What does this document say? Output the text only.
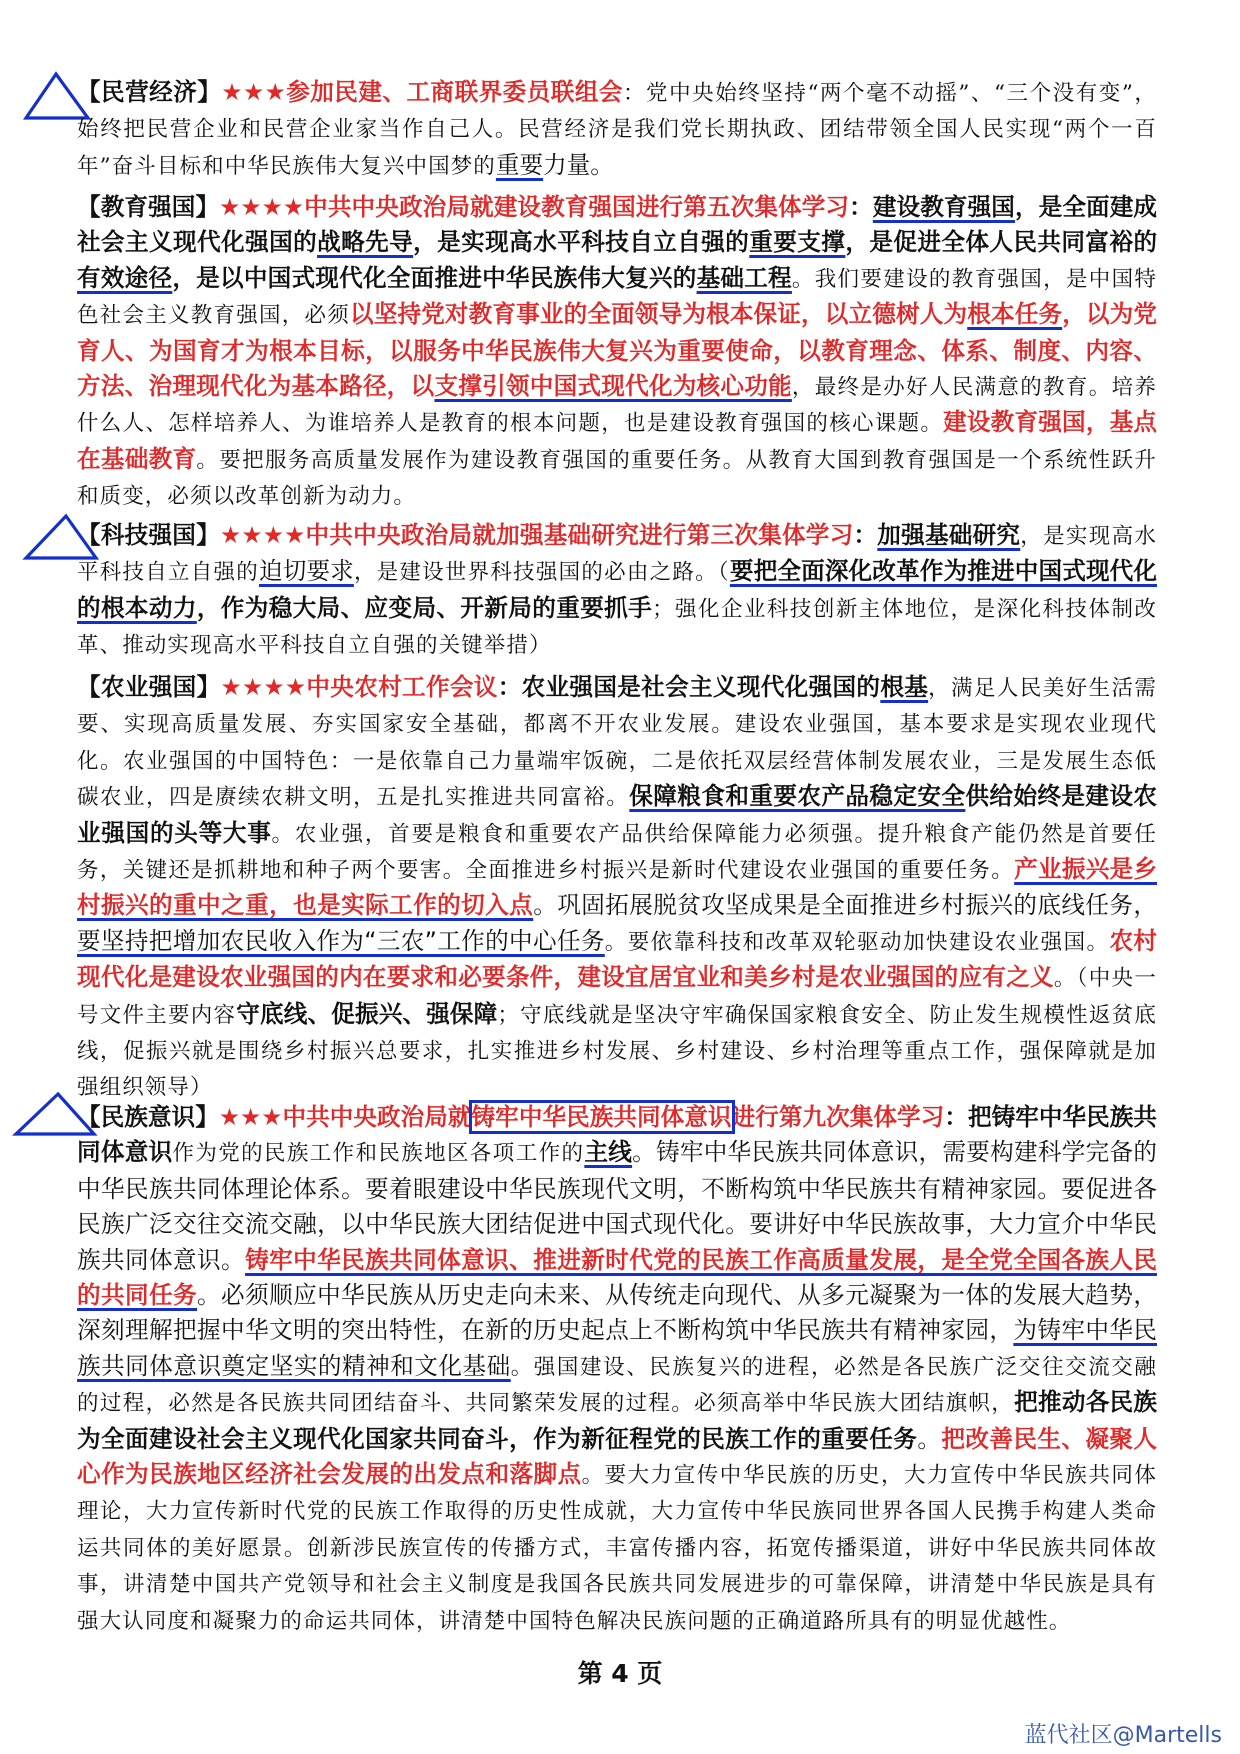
【民营经济】★★★参加民建、工商联界委员联组会：党中央始终坚持“两个毫不动摇”、“三个没有变”，始终把民营企业和民营企业家当作自己人。民营经济是我们党长期执政、团结带领全国人民实现“两个一百年”奋斗目标和中华民族伟大复兴中国梦的重要力量。

【教育强国】★★★★中共中央政治局就建设教育强国进行第五次集体学习：建设教育强国，是全面建成社会主义现代化强国的战略先导，是实现高水平科技自立自强的重要支撑，是促进全体人民共同富裕的有效途径，是以中国式现代化全面推进中华民族伟大复兴的基础工程。我们要建设的教育强国，是中国特色社会主义教育强国，必须以坚持党对教育事业的全面领导为根本保证，以立德树人为根本任务，以为党育人、为国育才为根本目标，以服务中华民族伟大复兴为重要使命，以教育理念、体系、制度、内容、方法、治理现代化为基本路径，以支撑引领中国式现代化为核心功能，最终是办好人民满意的教育。培养什么人、怎样培养人、为谁培养人是教育的根本问题，也是建设教育强国的核心课题。建设教育强国，基点在基础教育。要把服务高质量发展作为建设教育强国的重要任务。从教育大国到教育强国是一个系统性跃升和质变，必须以改革创新为动力。

【科技强国】★★★★中共中央政治局就加强基础研究进行第三次集体学习：加强基础研究，是实现高水平科技自立自强的迫切要求，是建设世界科技强国的必由之路。（要把全面深化改革作为推进中国式现代化的根本动力，作为稳大局、应变局、开新局的重要抓手；强化企业科技创新主体地位，是深化科技体制改革、推动实现高水平科技自立自强的关键举措）

【农业强国】★★★★中央农村工作会议：农业强国是社会主义现代化强国的根基，满足人民美好生活需要、实现高质量发展、夯实国家安全基础，都离不开农业发展。建设农业强国，基本要求是实现农业现代化。农业强国的中国特色：一是依靠自己力量端牢饭碗，二是依托双层经营体制发展农业，三是发展生态低碳农业，四是赓续农耕文明，五是扎实推进共同富裕。保障粮食和重要农产品稳定安全供给始终是建设农业强国的头等大事。农业强，首要是粮食和重要农产品供给保障能力必须强。提升粮食产能仍然是首要任务，关键还是抓耕地和种子两个要害。全面推进乡村振兴是新时代建设农业强国的重要任务。产业振兴是乡村振兴的重中之重，也是实际工作的切入点。巩固拓展脱贫攻坚成果是全面推进乡村振兴的底线任务，要坚持把增加农民收入作为“三农”工作的中心任务。要依靠科技和改革双轮驱动加快建设农业强国。农村现代化是建设农业强国的内在要求和必要条件，建设宜居宜业和美乡村是农业强国的应有之义。（中央一号文件主要内容守底线、促振兴、强保障；守底线就是坚决守牢确保国家粮食安全、防止发生规模性返贫底线，促振兴就是围绕乡村振兴总要求，扎实推进乡村发展、乡村建设、乡村治理等重点工作，强保障就是加强组织领导）

【民族意识】★★★中共中央政治局就铸牢中华民族共同体意识进行第九次集体学习：把铸牢中华民族共同体意识作为党的民族工作和民族地区各项工作的主线。铸牢中华民族共同体意识，需要构建科学完备的中华民族共同体理论体系。要着眼建设中华民族现代文明，不断构筑中华民族共有精神家园。要促进各民族广泛交往交流交融，以中华民族大团结促进中国式现代化。要讲好中华民族故事，大力宣介中华民族共同体意识。铸牢中华民族共同体意识、推进新时代党的民族工作高质量发展，是全党全国各族人民的共同任务。必须顺应中华民族从历史走向未来、从传统走向现代、从多元凝聚为一体的发展大趋势，深刻理解把握中华文明的突出特性，在新的历史起点上不断构筑中华民族共有精神家园，为铸牢中华民族共同体意识奠定坚实的精神和文化基础。强国建设、民族复兴的进程，必然是各民族广泛交往交流交融的过程，必然是各民族共同团结奋斗、共同繁荣发展的过程。必须高举中华民族大团结旗帜，把推动各民族为全面建设社会主义现代化国家共同奋斗，作为新征程党的民族工作的重要任务。把改善民生、凝聚人心作为民族地区经济社会发展的出发点和落脚点。要大力宣传中华民族的历史，大力宣传中华民族共同体理论，大力宣传新时代党的民族工作取得的历史性成就，大力宣传中华民族同世界各国人民携手构建人类命运共同体的美好愿景。创新涉民族宣传的传播方式，丰富传播内容，拓宽传播渠道，讲好中华民族共同体故事，讲清楚中国共产党领导和社会主义制度是我国各民族共同发展进步的可靠保障，讲清楚中华民族是具有强大认同度和凝聚力的命运共同体，讲清楚中国特色解决民族问题的正确道路所具有的明显优越性。

第 4 页
蓝代社区@Martells
